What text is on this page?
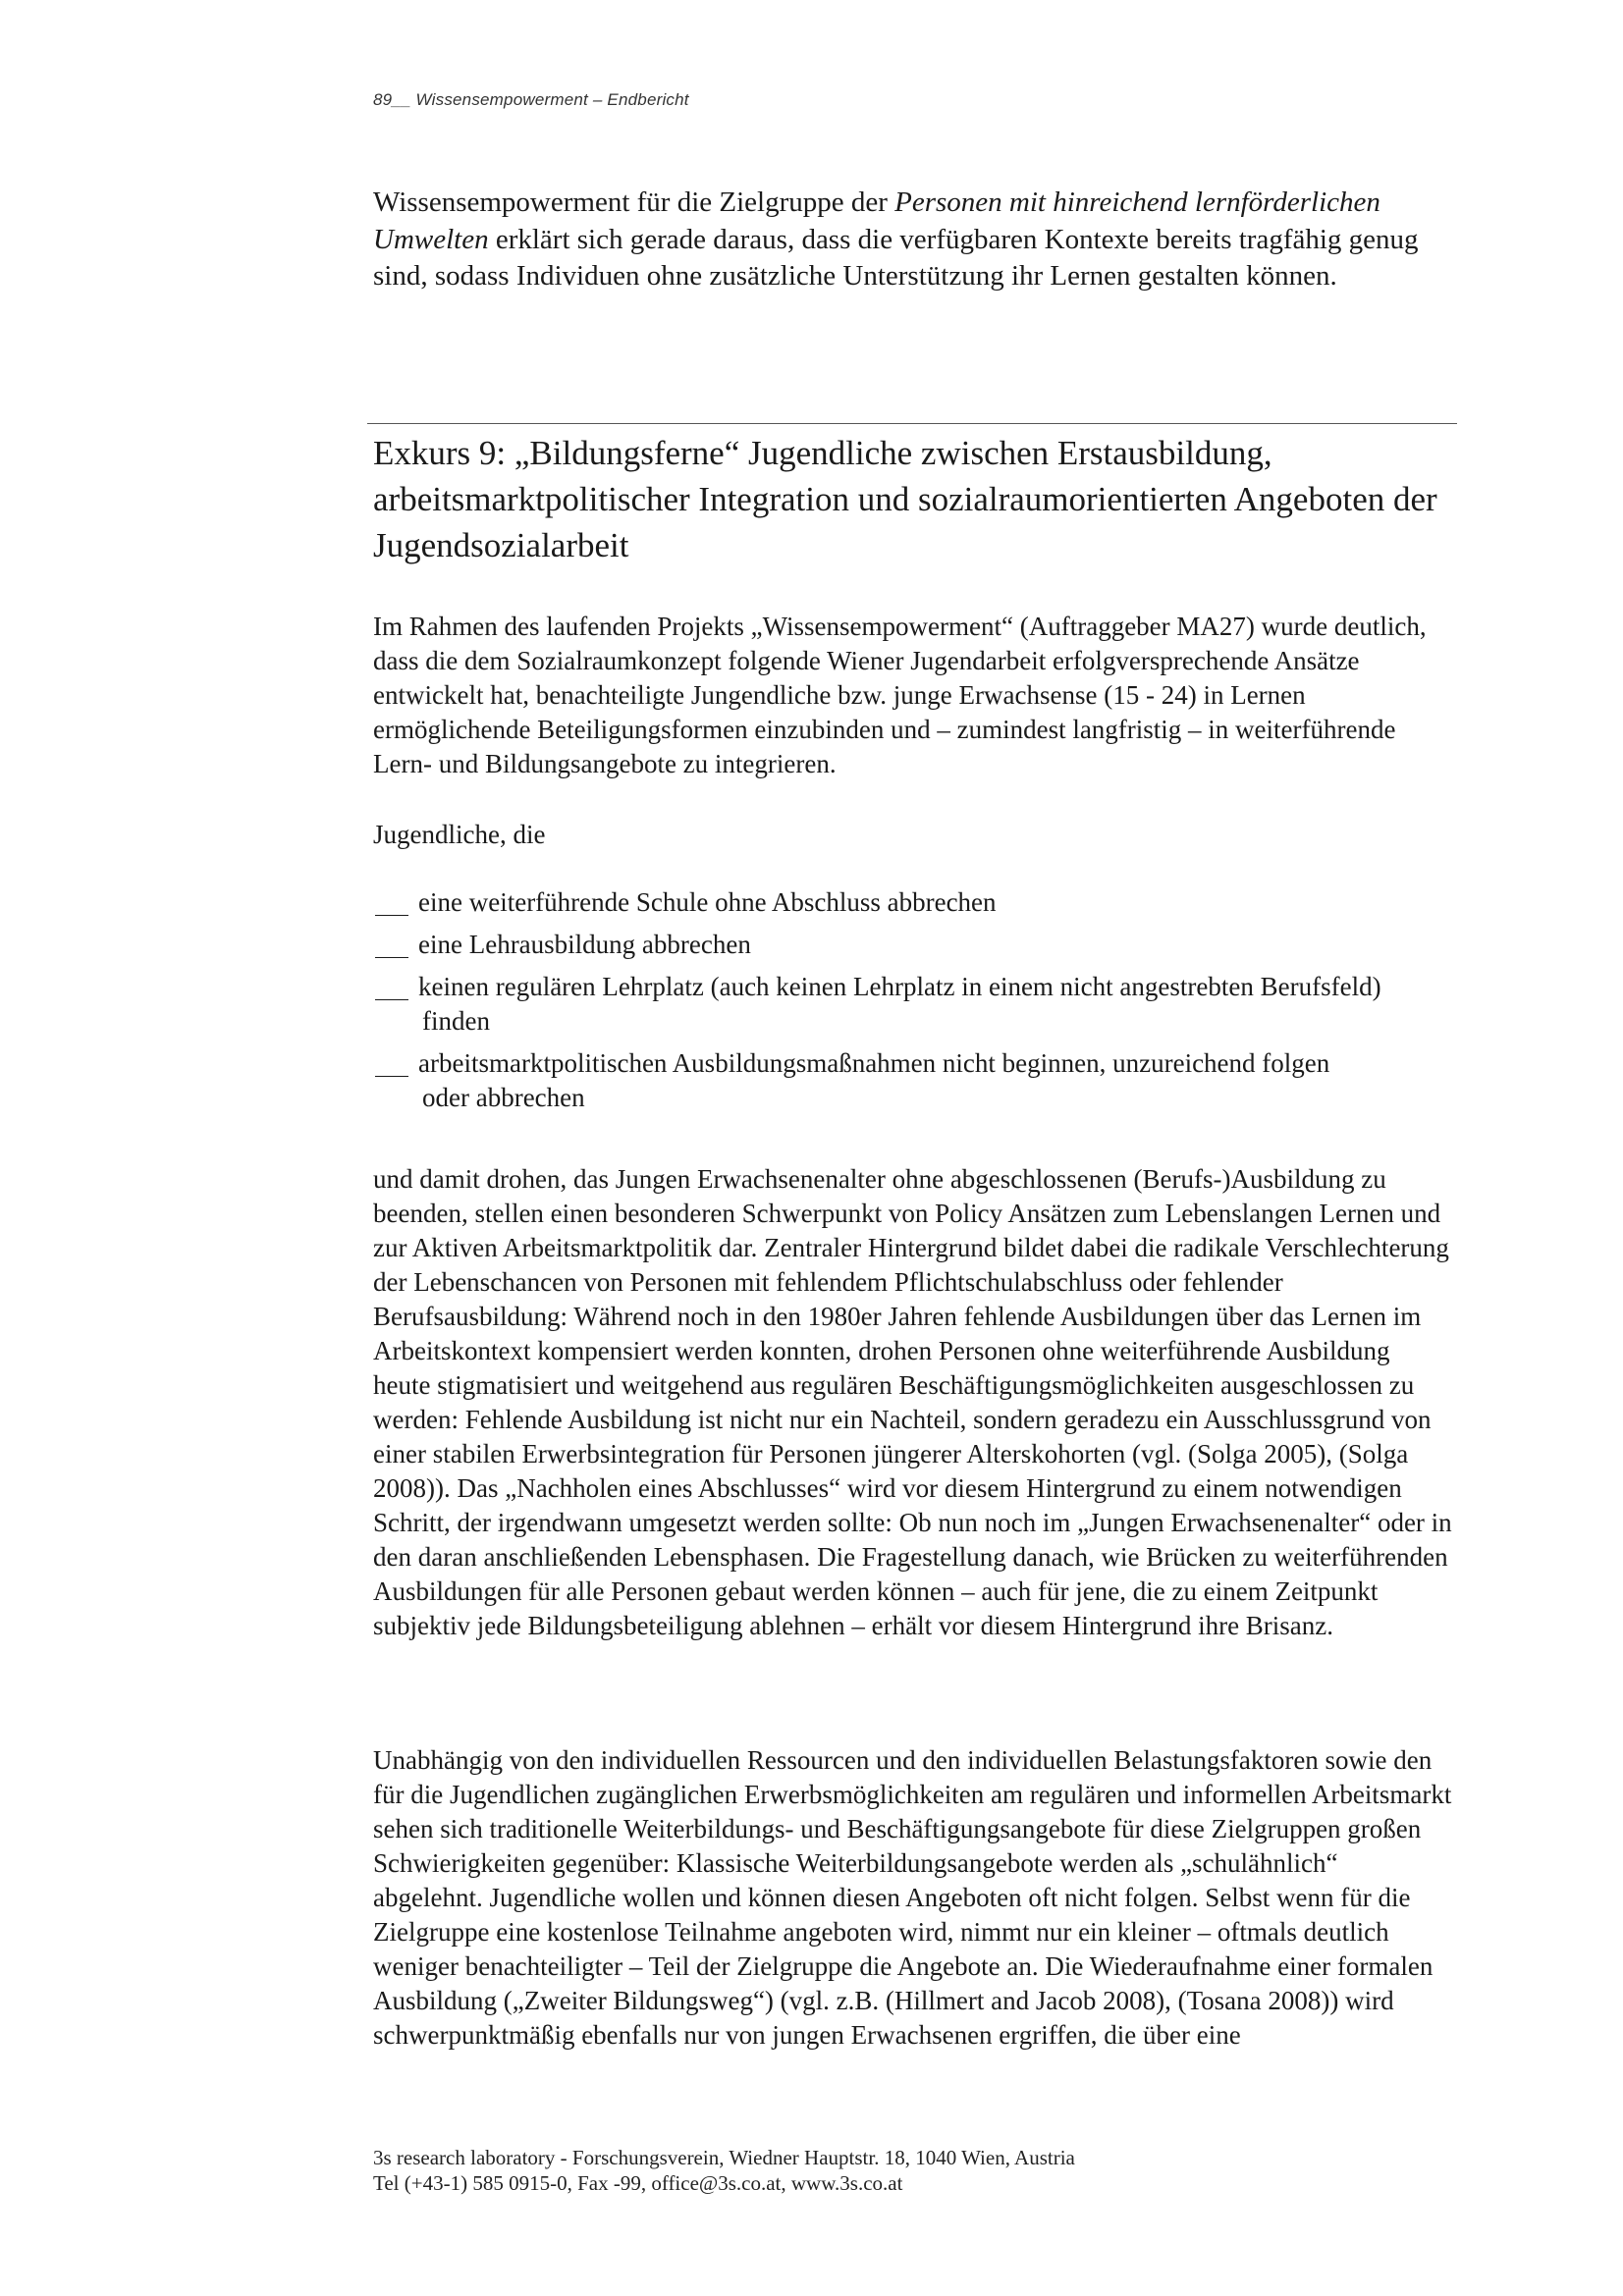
89__ Wissensempowerment – Endbericht

Wissensempowerment für die Zielgruppe der Personen mit hinreichend lernförderlichen Umwelten erklärt sich gerade daraus, dass die verfügbaren Kontexte bereits tragfähig genug sind, sodass Individuen ohne zusätzliche Unterstützung ihr Lernen gestalten können.

Exkurs 9: „Bildungsferne“ Jugendliche zwischen Erstausbildung, arbeitsmarktpolitischer Integration und sozialraumorientierten Angeboten der Jugendsozialarbeit

Im Rahmen des laufenden Projekts „Wissensempowerment“ (Auftraggeber MA27) wurde deutlich, dass die dem Sozialraumkonzept folgende Wiener Jugendarbeit erfolgversprechende Ansätze entwickelt hat, benachteiligte Jungendliche bzw. junge Erwachsense (15 - 24) in Lernen ermöglichende Beteiligungsformen einzubinden und – zumindest langfristig – in weiterführende Lern- und Bildungsangebote zu integrieren.

Jugendliche, die

eine weiterführende Schule ohne Abschluss abbrechen
eine Lehrausbildung abbrechen
keinen regulären Lehrplatz (auch keinen Lehrplatz in einem nicht angestrebten Berufsfeld)
finden
arbeitsmarktpolitischen Ausbildungsmaßnahmen nicht beginnen, unzureichend folgen
oder abbrechen

und damit drohen, das Jungen Erwachsenenalter ohne abgeschlossenen (Berufs-)Ausbildung zu beenden, stellen einen besonderen Schwerpunkt von Policy Ansätzen zum Lebenslangen Lernen und zur Aktiven Arbeitsmarktpolitik dar. Zentraler Hintergrund bildet dabei die radikale Verschlechterung der Lebenschancen von Personen mit fehlendem Pflichtschulabschluss oder fehlender Berufsausbildung: Während noch in den 1980er Jahren fehlende Ausbildungen über das Lernen im Arbeitskontext kompensiert werden konnten, drohen Personen ohne weiterführende Ausbildung heute stigmatisiert und weitgehend aus regulären Beschäftigungsmöglichkeiten ausgeschlossen zu werden: Fehlende Ausbildung ist nicht nur ein Nachteil, sondern geradezu ein Ausschlussgrund von einer stabilen Erwerbsintegration für Personen jüngerer Alterskohorten (vgl. (Solga 2005), (Solga 2008)). Das „Nachholen eines Abschlusses“ wird vor diesem Hintergrund zu einem notwendigen Schritt, der irgendwann umgesetzt werden sollte: Ob nun noch im „Jungen Erwachsenenalter“ oder in den daran anschließenden Lebensphasen. Die Fragestellung danach, wie Brücken zu weiterführenden Ausbildungen für alle Personen gebaut werden können – auch für jene, die zu einem Zeitpunkt subjektiv jede Bildungsbeteiligung ablehnen – erhält vor diesem Hintergrund ihre Brisanz.

Unabhängig von den individuellen Ressourcen und den individuellen Belastungsfaktoren sowie den für die Jugendlichen zugänglichen Erwerbsmöglichkeiten am regulären und informellen Arbeitsmarkt sehen sich traditionelle Weiterbildungs- und Beschäftigungsangebote für diese Zielgruppen großen Schwierigkeiten gegenüber: Klassische Weiterbildungsangebote werden als „schulähnlich“ abgelehnt. Jugendliche wollen und können diesen Angeboten oft nicht folgen. Selbst wenn für die Zielgruppe eine kostenlose Teilnahme angeboten wird, nimmt nur ein kleiner – oftmals deutlich weniger benachteiligter – Teil der Zielgruppe die Angebote an. Die Wiederaufnahme einer formalen Ausbildung („Zweiter Bildungsweg“) (vgl. z.B. (Hillmert and Jacob 2008), (Tosana 2008)) wird schwerpunktmäßig ebenfalls nur von jungen Erwachsenen ergriffen, die über eine

3s research laboratory - Forschungsverein, Wiedner Hauptstr. 18, 1040 Wien, Austria
Tel (+43-1) 585 0915-0, Fax -99, office@3s.co.at, www.3s.co.at
